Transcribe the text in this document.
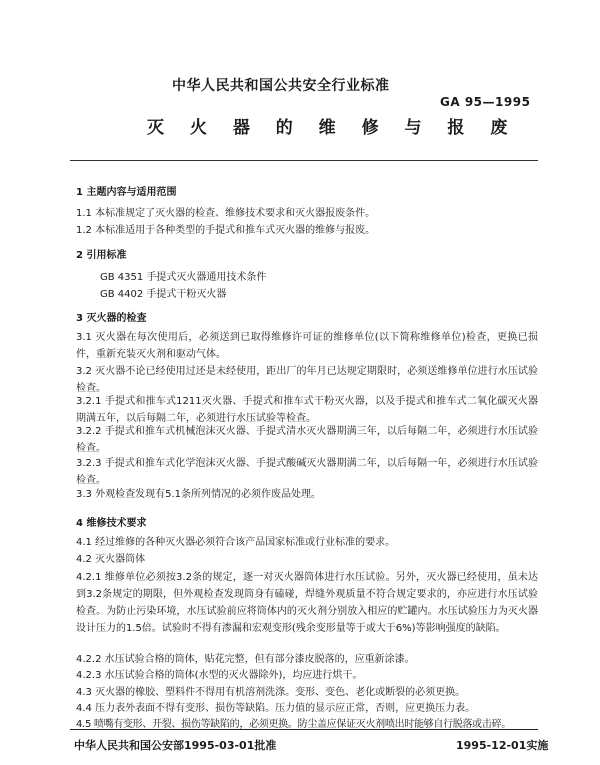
中华人民共和国公共安全行业标准
GA 95—1995
灭 火 器 的 维 修 与 报 废
1 主题内容与适用范围
1.1 本标准规定了灭火器的检查、维修技术要求和灭火器报废条件。
1.2 本标准适用于各种类型的手提式和推车式灭火器的维修与报废。
2 引用标准
GB 4351 手提式灭火器通用技术条件
GB 4402 手提式干粉灭火器
3 灭火器的检查
3.1 灭火器在每次使用后，必须送到已取得维修许可证的维修单位(以下简称维修单位)检查，更换已损件，重新充装灭火剂和驱动气体。
3.2 灭火器不论已经使用过还是未经使用，距出厂的年月已达规定期限时，必须送维修单位进行水压试验检查。
3.2.1 手提式和推车式1211灭火器、手提式和推车式干粉灭火器，以及手提式和推车式二氧化碳灭火器期满五年，以后每隔二年，必须进行水压试验等检查。
3.2.2 手提式和推车式机械泡沫灭火器、手提式清水灭火器期满三年，以后每隔二年，必须进行水压试验检查。
3.2.3 手提式和推车式化学泡沫灭火器、手提式酸碱灭火器期满二年，以后每隔一年，必须进行水压试验检查。
3.3 外观检查发现有5.1条所列情况的必须作废品处理。
4 维修技术要求
4.1 经过维修的各种灭火器必须符合该产品国家标准或行业标准的要求。
4.2 灭火器筒体
4.2.1 维修单位必须按3.2条的规定，逐一对灭火器筒体进行水压试验。另外，灭火器已经使用，虽未达到3.2条规定的期限，但外观检查发现筒身有磕碰，焊缝外观质量不符合规定要求的，亦应进行水压试验检查。为防止污染环境，水压试验前应将筒体内的灭火剂分别放入相应的贮罐内。水压试验压力为灭火器设计压力的1.5倍。试验时不得有渗漏和宏观变形(残余变形量等于或大于6%)等影响强度的缺陷。
4.2.2 水压试验合格的筒体，贴花完整，但有部分漆皮脱落的，应重新涂漆。
4.2.3 水压试验合格的筒体(水型的灭火器除外)，均应进行烘干。
4.3 灭火器的橡胶、塑料件不得用有机溶剂洗涤。变形、变色、老化或断裂的必须更换。
4.4 压力表外表面不得有变形、损伤等缺陷。压力值的显示应正常，否则，应更换压力表。
4.5 喷嘴有变形、开裂、损伤等缺陷的，必须更换。防尘盖应保证灭火剂喷出时能够自行脱落或击碎。
中华人民共和国公安部1995-03-01批准	1995-12-01实施
